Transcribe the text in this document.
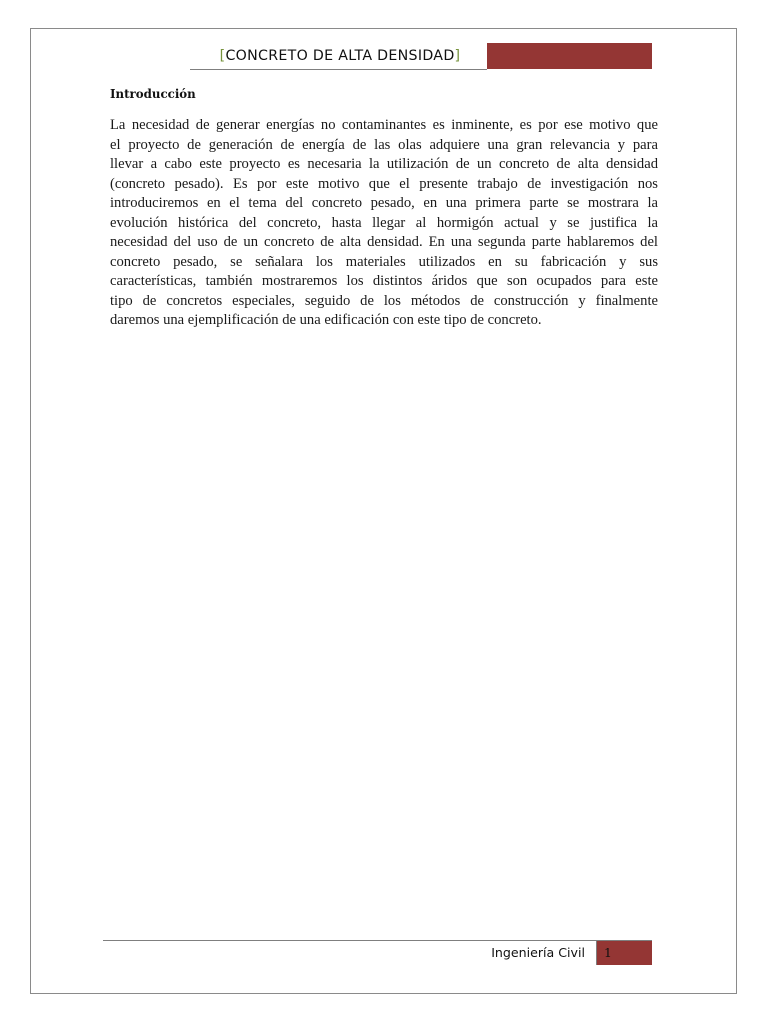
[CONCRETO DE ALTA DENSIDAD]
Introducción
La necesidad de generar energías no contaminantes es inminente, es por ese motivo que
el proyecto de generación de energía de las olas adquiere una gran relevancia y para
llevar a cabo este proyecto es necesaria la utilización de un concreto de alta densidad
(concreto pesado). Es por este motivo que el presente trabajo de investigación nos
introduciremos en el tema del concreto pesado, en una primera parte se mostrara la
evolución histórica del concreto, hasta llegar al hormigón actual y se justifica la
necesidad del uso de un concreto de alta densidad. En una segunda parte hablaremos del
concreto pesado, se señalara los materiales utilizados en su fabricación y sus
características, también mostraremos los distintos áridos que son ocupados para este
tipo de concretos especiales, seguido de los métodos de construcción y finalmente
daremos una ejemplificación de una edificación con este tipo de concreto.
Ingeniería Civil 1
